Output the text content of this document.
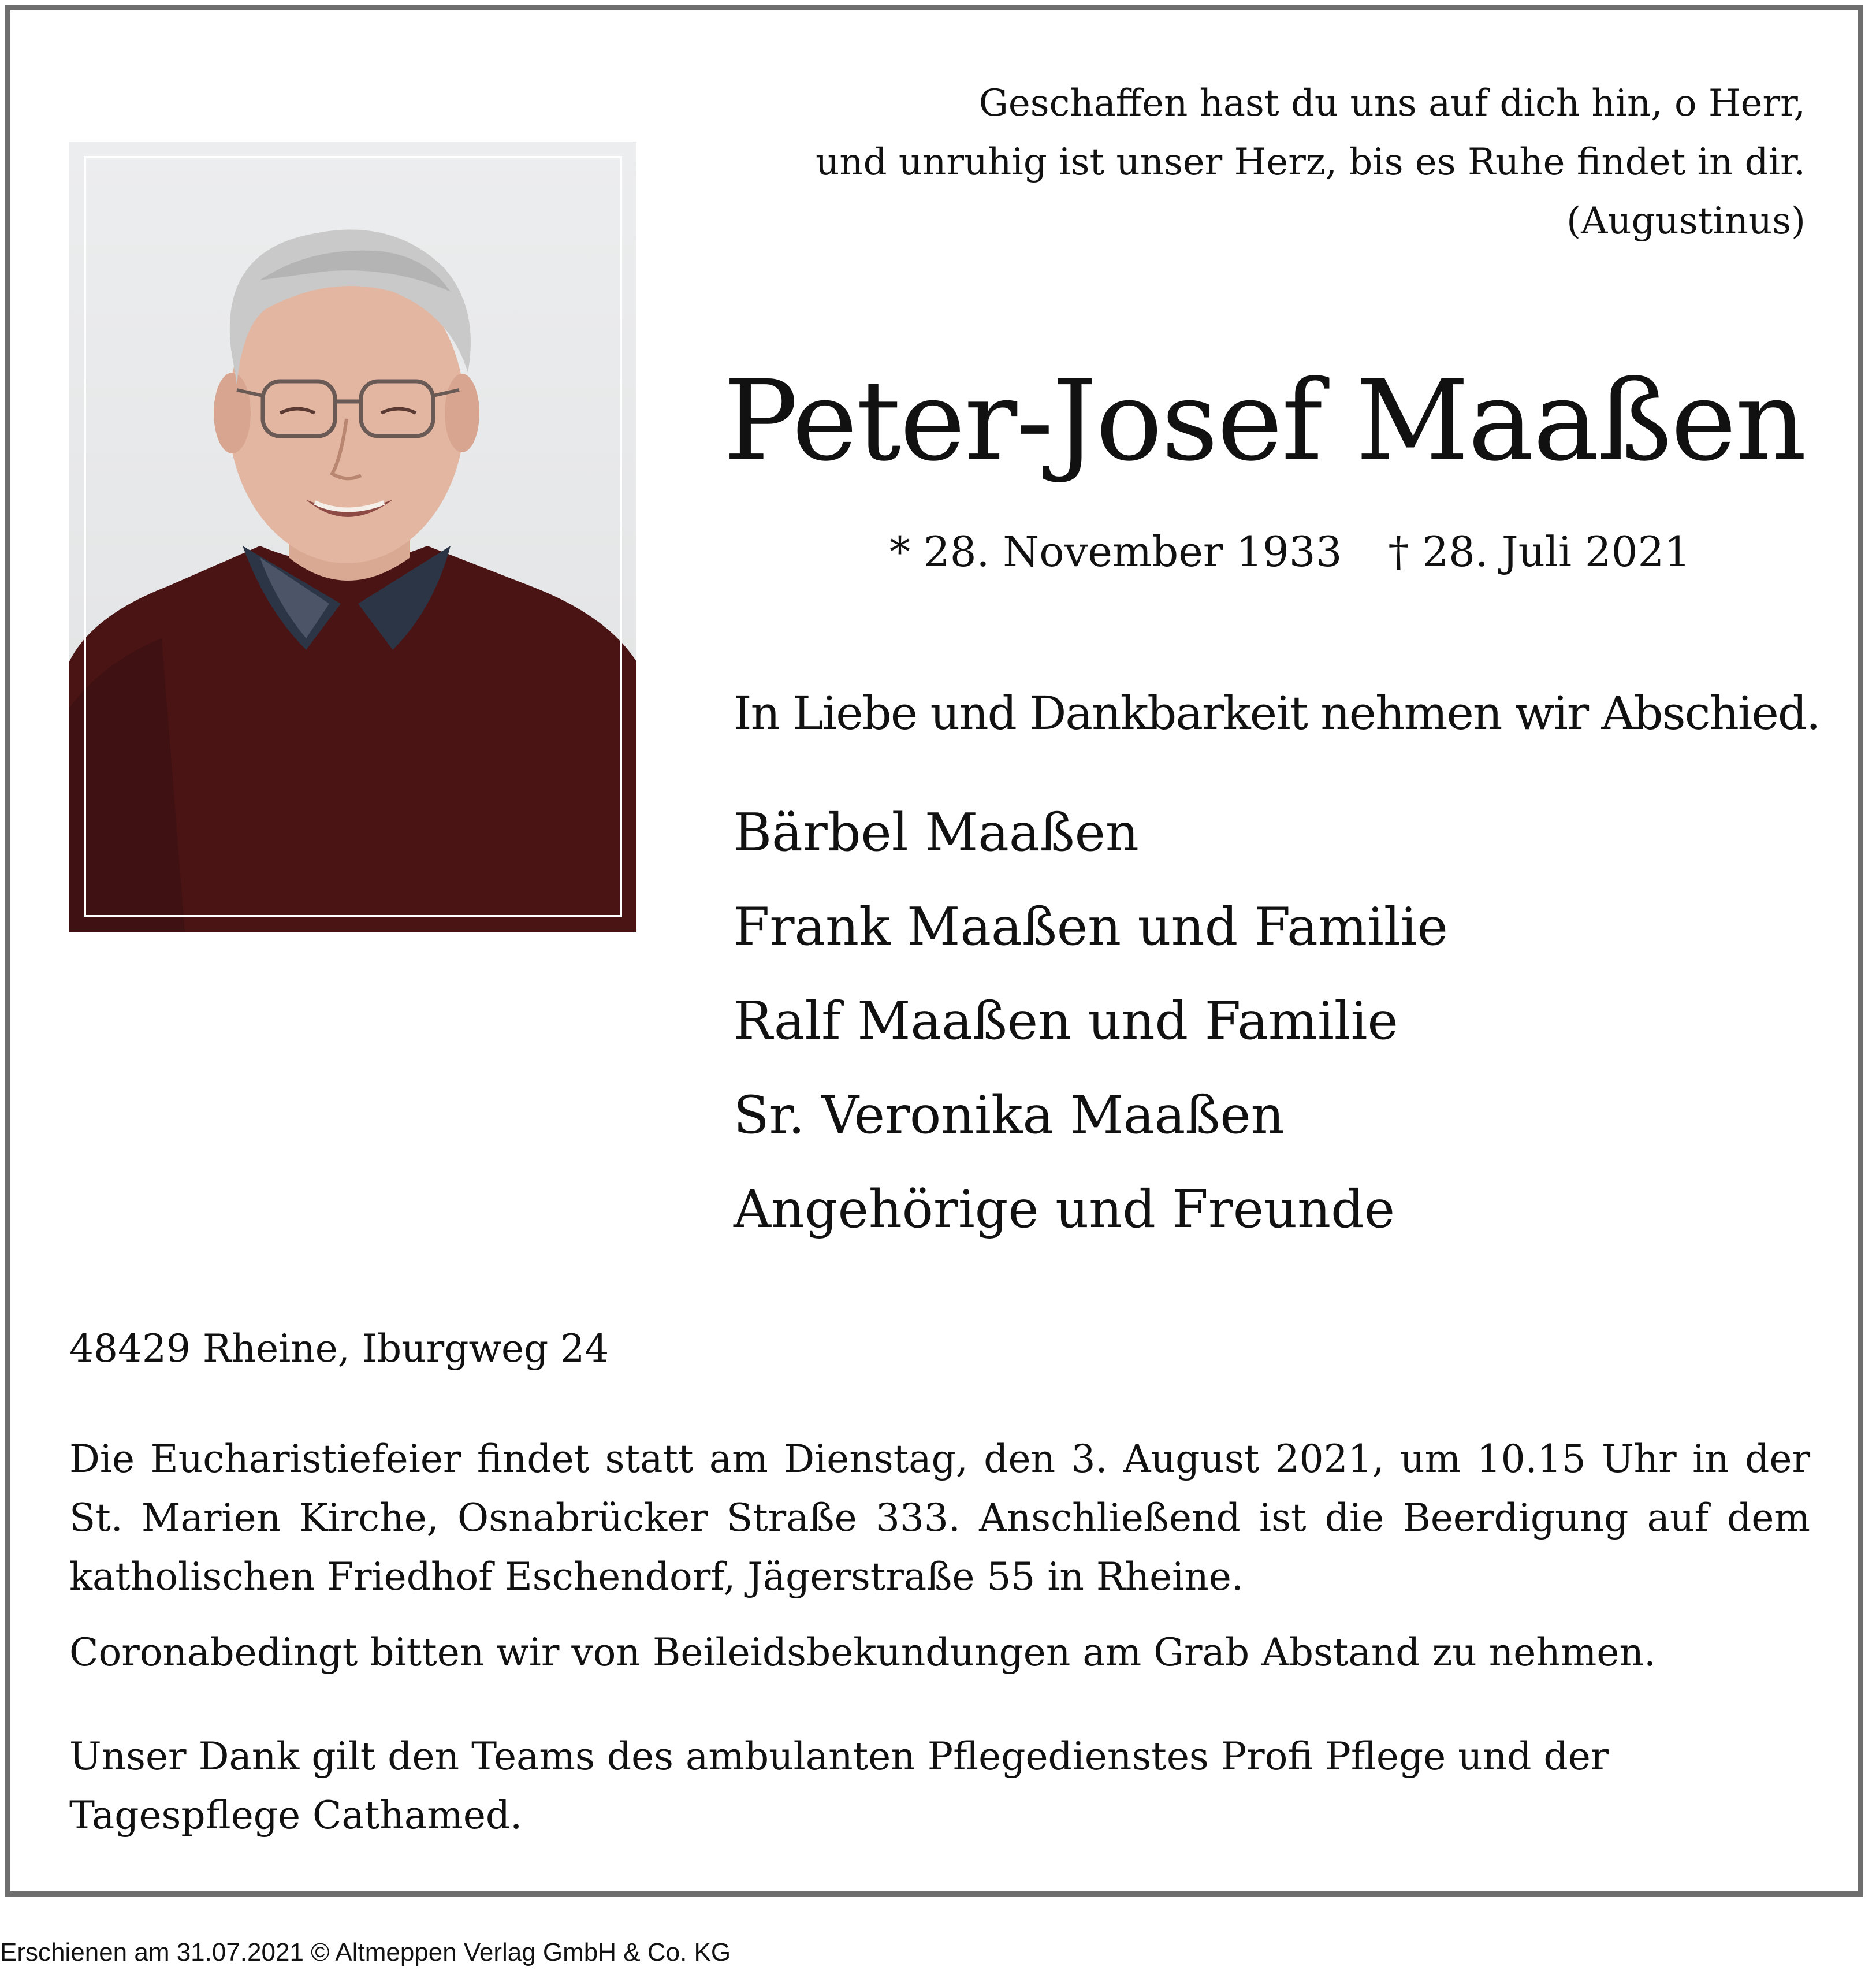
Geschaffen hast du uns auf dich hin, o Herr,
und unruhig ist unser Herz, bis es Ruhe findet in dir.
(Augustinus)
Peter-Josef Maaßen
* 28. November 1933 † 28. Juli 2021
In Liebe und Dankbarkeit nehmen wir Abschied.
Bärbel Maaßen
Frank Maaßen und Familie
Ralf Maaßen und Familie
Sr. Veronika Maaßen
Angehörige und Freunde
48429 Rheine, Iburgweg 24
Die Eucharistiefeier findet statt am Dienstag, den 3. August 2021, um 10.15 Uhr in der St. Marien Kirche, Osnabrücker Straße 333. Anschließend ist die Beerdigung auf dem katholischen Friedhof Eschendorf, Jägerstraße 55 in Rheine.
Coronabedingt bitten wir von Beileidsbekundungen am Grab Abstand zu nehmen.
Unser Dank gilt den Teams des ambulanten Pflegedienstes Profi Pflege und der Tagespflege Cathamed.
Erschienen am 31.07.2021 © Altmeppen Verlag GmbH & Co. KG
